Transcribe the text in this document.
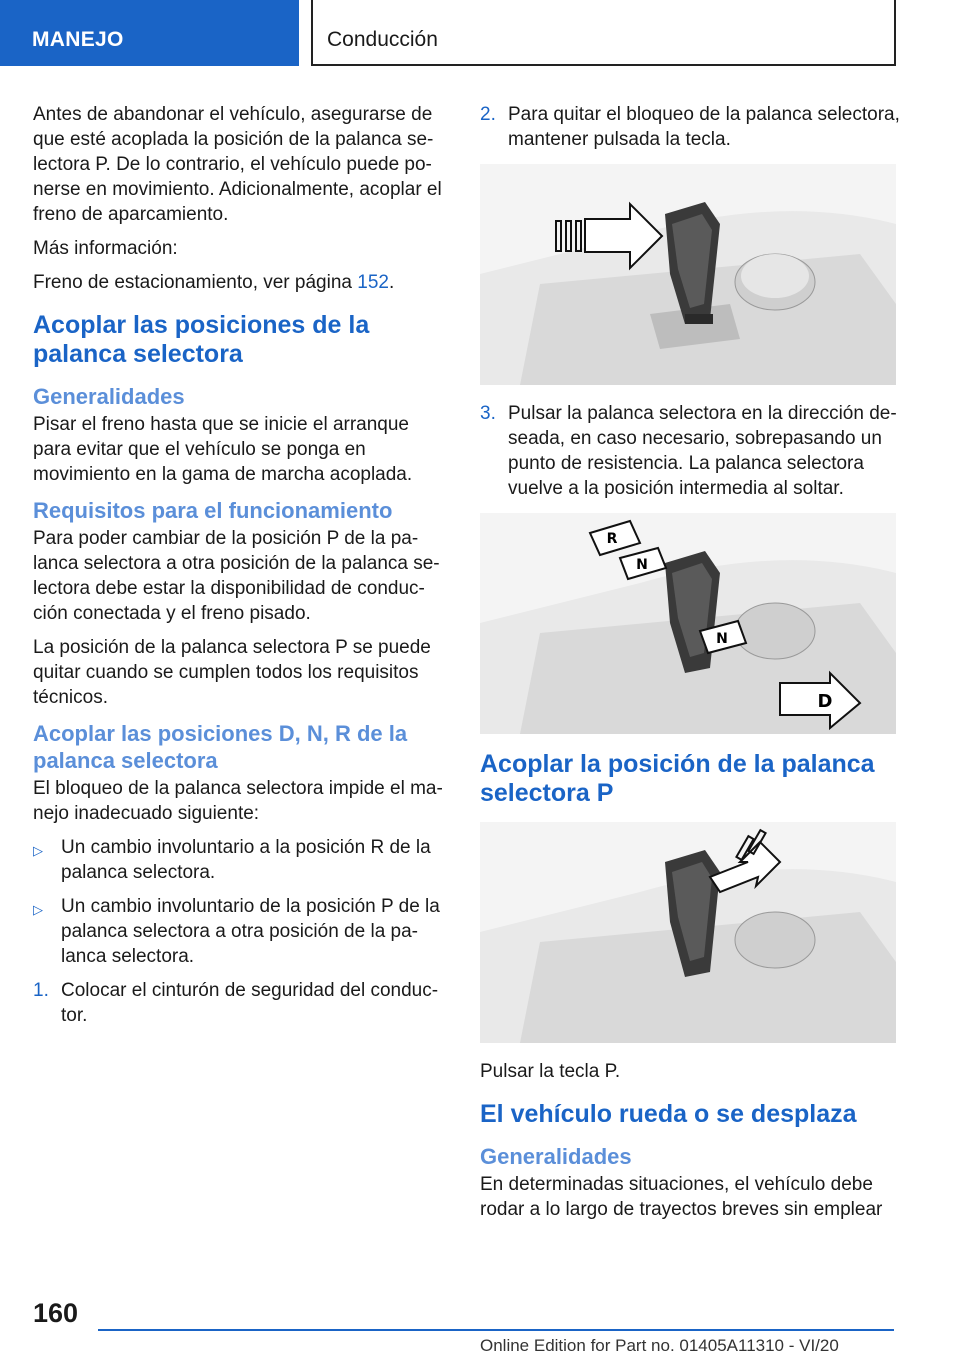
MANEJO	Conducción

Antes de abandonar el vehículo, asegurarse de que esté acoplada la posición de la palanca se-lectora P. De lo contrario, el vehículo puede po-nerse en movimiento. Adicionalmente, acoplar el freno de aparcamiento.

Más información:

Freno de estacionamiento, ver página 152.

Acoplar las posiciones de la palanca selectora
Generalidades

Pisar el freno hasta que se inicie el arranque para evitar que el vehículo se ponga en movimiento en la gama de marcha acoplada.

Requisitos para el funcionamiento

Para poder cambiar de la posición P de la pa-lanca selectora a otra posición de la palanca se-lectora debe estar la disponibilidad de conduc-ción conectada y el freno pisado.

La posición de la palanca selectora P se puede quitar cuando se cumplen todos los requisitos técnicos.

Acoplar las posiciones D, N, R de la palanca selectora

El bloqueo de la palanca selectora impide el ma-nejo inadecuado siguiente:

▷ Un cambio involuntario a la posición R de la palanca selectora.
▷ Un cambio involuntario de la posición P de la palanca selectora a otra posición de la pa-lanca selectora.
1. Colocar el cinturón de seguridad del conduc-tor.
2. Para quitar el bloqueo de la palanca selectora, mantener pulsada la tecla.
3. Pulsar la palanca selectora en la dirección de-seada, en caso necesario, sobrepasando un punto de resistencia. La palanca selectora vuelve a la posición intermedia al soltar.
R
N
N
D
Acoplar la posición de la palanca selectora P

Pulsar la tecla P.

El vehículo rueda o se desplaza
Generalidades

En determinadas situaciones, el vehículo debe rodar a lo largo de trayectos breves sin emplear

160
Online Edition for Part no. 01405A11310 - VI/20
